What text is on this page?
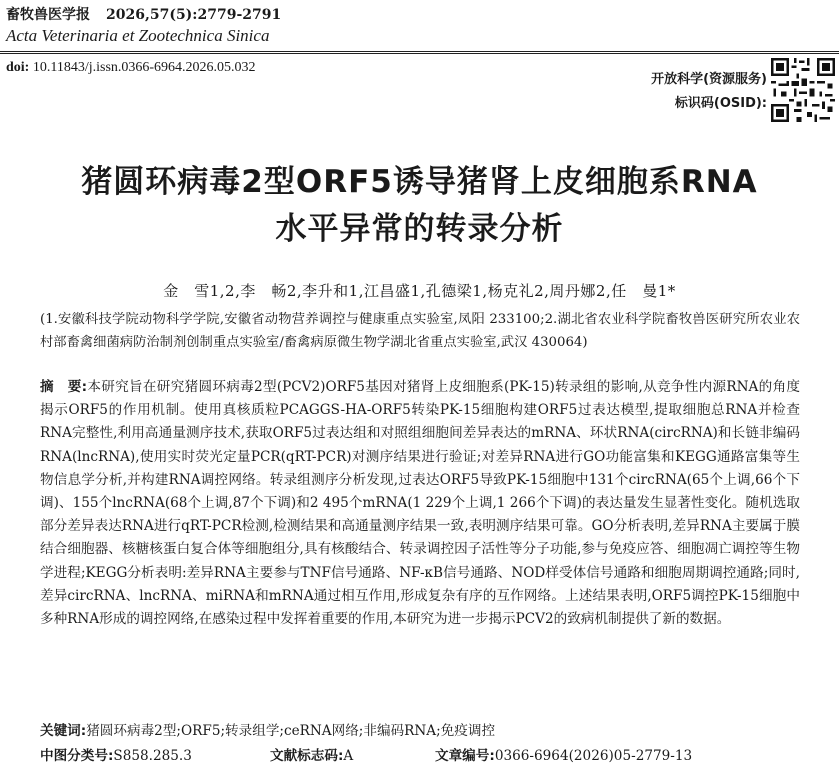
畜牧兽医学报 2026,57(5):2779-2791
Acta Veterinaria et Zootechnica Sinica
doi: 10.11843/j.issn.0366-6964.2026.05.032
开放科学(资源服务)
标识码(OSID):
猪圆环病毒2型ORF5诱导猪肾上皮细胞系RNA
水平异常的转录分析
金　雪1,2,李　畅2,李升和1,江昌盛1,孔德梁1,杨克礼2,周丹娜2,任　曼1*
(1.安徽科技学院动物科学学院,安徽省动物营养调控与健康重点实验室,凤阳 233100;2.湖北省农业科学院畜牧兽医研究所农业农村部畜禽细菌病防治制剂创制重点实验室/畜禽病原微生物学湖北省重点实验室,武汉 430064)
摘　要:本研究旨在研究猪圆环病毒2型(PCV2)ORF5基因对猪肾上皮细胞系(PK-15)转录组的影响,从竞争性内源RNA的角度揭示ORF5的作用机制。使用真核质粒PCAGGS-HA-ORF5转染PK-15细胞构建ORF5过表达模型,提取细胞总RNA并检查RNA完整性,利用高通量测序技术,获取ORF5过表达组和对照组细胞间差异表达的mRNA、环状RNA(circRNA)和长链非编码RNA(lncRNA),使用实时荧光定量PCR(qRT-PCR)对测序结果进行验证;对差异RNA进行GO功能富集和KEGG通路富集等生物信息学分析,并构建RNA调控网络。转录组测序分析发现,过表达ORF5导致PK-15细胞中131个circRNA(65个上调,66个下调)、155个lncRNA(68个上调,87个下调)和2 495个mRNA(1 229个上调,1 266个下调)的表达量发生显著性变化。随机选取部分差异表达RNA进行qRT-PCR检测,检测结果和高通量测序结果一致,表明测序结果可靠。GO分析表明,差异RNA主要属于膜结合细胞器、核糖核蛋白复合体等细胞组分,具有核酸结合、转录调控因子活性等分子功能,参与免疫应答、细胞凋亡调控等生物学进程;KEGG分析表明:差异RNA主要参与TNF信号通路、NF-κB信号通路、NOD样受体信号通路和细胞周期调控通路;同时,差异circRNA、lncRNA、miRNA和mRNA通过相互作用,形成复杂有序的互作网络。上述结果表明,ORF5调控PK-15细胞中多种RNA形成的调控网络,在感染过程中发挥着重要的作用,本研究为进一步揭示PCV2的致病机制提供了新的数据。
关键词:猪圆环病毒2型;ORF5;转录组学;ceRNA网络;非编码RNA;免疫调控
中图分类号:S858.285.3	文献标志码:A	文章编号:0366-6964(2026)05-2779-13
